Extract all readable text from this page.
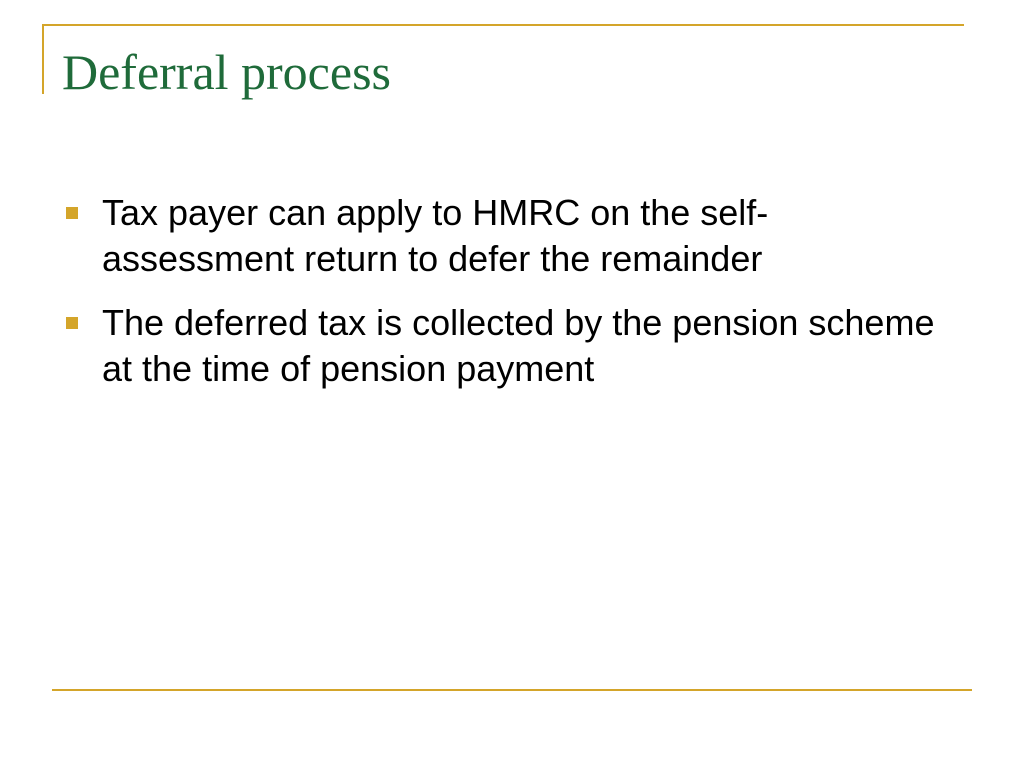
Deferral process
Tax payer can apply to HMRC on the self-assessment return to defer the remainder
The deferred tax is collected by the pension scheme at the time of pension payment
